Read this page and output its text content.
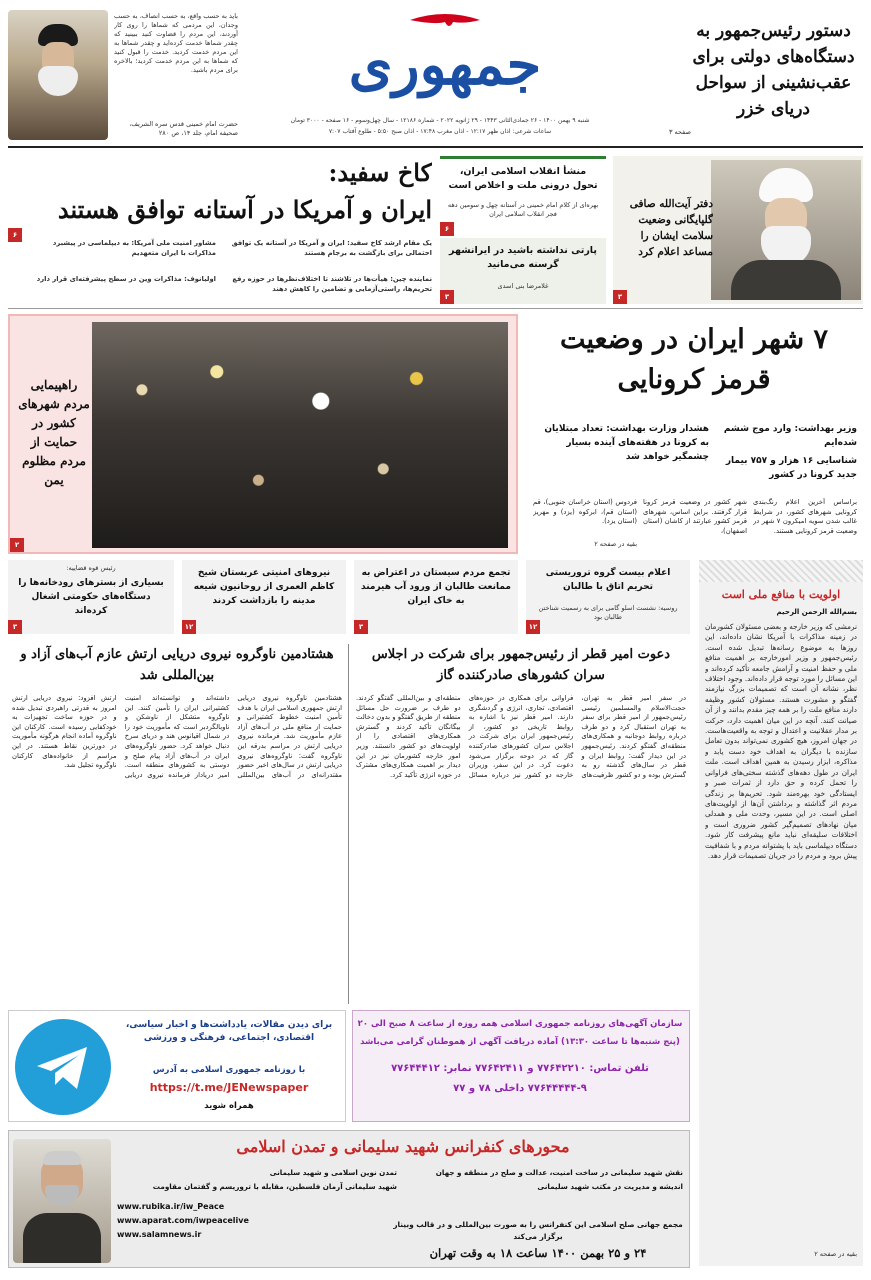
دستور رئیس‌جمهور به دستگاه‌های دولتی برای عقب‌نشینی از سواحل دریای خزر
صفحه ۳
جمهوری
شنبه ۹ بهمن ۱۴۰۰ - ۲۶ جمادی‌الثانی ۱۴۴۳ - ۲۹ ژانویه ۲۰۲۲ - شماره ۱۲۱۸۶ - سال چهل‌وسوم - ۱۶ صفحه - ۳۰۰۰ تومان
ساعات شرعی: اذان ظهر ۱۲:۱۷ - اذان مغرب ۱۷:۴۸ - اذان صبح ۵:۵۰ - طلوع آفتاب ۷:۰۷
باید به حسب واقع، به حسب انصاف، به حسب وجدان، این مردمی که شماها را روی کار آوردند، این مردم را قضاوت کنید ببینید که چقدر شماها خدمت کرده‌اید و چقدر شماها به این مردم خدمت کردید. خدمت را قبول کنید که شماها به این مردم خدمت کردید؛ بالاخره برای مردم باشید.
حضرت امام خمینی قدس سره الشریف، صحیفه امام، جلد ۱۴، ص ۲۸۰
دفتر آیت‌الله صافی گلپایگانی وضعیت سلامت ایشان را مساعد اعلام کرد
۳
منشأ انقلاب اسلامی ایران، تحول درونی ملت و اخلاص است
بهره‌ای از کلام امام خمینی در آستانه چهل و سومین دهه فجر انقلاب اسلامی ایران
۶
پارتی نداشته باشید در ایرانشهر گرسنه می‌مانید
غلامرضا بنی اسدی
۳
کاخ سفید:
ایران و آمریکا در آستانه توافق هستند
۶
یک مقام ارشد کاخ سفید: ایران و آمریکا در آستانه یک توافق احتمالی برای بازگشت به برجام هستند
مشاور امنیت ملی آمریکا: به دیپلماسی در پیشبرد مذاکرات با ایران متعهدیم
نماینده چین: هیأت‌ها در تلاشند تا اختلاف‌نظرها در حوزه رفع تحریم‌ها، راستی‌آزمایی و تضامین را کاهش دهند
اولیانوف: مذاکرات وین در سطح پیشرفته‌ای قرار دارد
راهپیمایی مردم شهرهای کشور در حمایت از مردم مظلوم یمن
۲
۷ شهر ایران در وضعیت قرمز کرونایی
وزیر بهداشت: وارد موج ششم شده‌ایم
هشدار وزارت بهداشت: تعداد مبتلایان به کرونا در هفته‌های آینده بسیار چشمگیر خواهد شد	شناسایی ۱۶ هزار و ۷۵۷ بیمار جدید کرونا در کشور
براساس آخرین اعلام رنگ‌بندی کرونایی شهرهای کشور، در شرایط غالب شدن سویه امیکرون ۷ شهر در وضعیت قرمز کرونایی هستند.
شهر کشور در وضعیت قرمز کرونا قرار گرفتند. براین اساس، شهرهای قرمز کشور عبارتند از کاشان (استان اصفهان)،
فردوس (استان خراسان جنوبی)، قم (استان قم)، ابرکوه (یزد) و مهریز (استان یزد).
بقیه در صفحه ۲
اعلام بیست گروه تروریستی تحریم اتاق با طالبان
روسیه: نشست اسلو گامی برای به رسمیت شناختن طالبان بود
۱۲
تجمع مردم سیستان در اعتراض به ممانعت طالبان از ورود آب هیرمند به خاک ایران
۳
نیروهای امنیتی عربستان شیخ کاظم العمری از روحانیون شیعه مدینه را بازداشت کردند
۱۲
رئیس قوه قضاییه:
بسیاری از بسترهای رودخانه‌ها را دستگاه‌های حکومتی اشغال کرده‌اند
۳
اولویت با منافع ملی است
بسم‌الله الرحمن الرحیم
نرمشی که وزیر خارجه و بعضی مسئولان کشورمان در زمینه مذاکرات با آمریکا نشان داده‌اند، این روزها به موضوع رسانه‌ها تبدیل شده است. رئیس‌جمهور و وزیر امورخارجه بر اهمیت منافع ملی و حفظ امنیت و آرامش جامعه تأکید کرده‌اند و این مسائل را مورد توجه قرار داده‌اند. وجود اختلاف نظر، نشانه آن است که تصمیمات بزرگ نیازمند گفتگو و مشورت هستند. مسئولان کشور وظیفه دارند منافع ملت را بر همه چیز مقدم بدانند و از آن صیانت کنند. آنچه در این میان اهمیت دارد، حرکت بر مدار عقلانیت و اعتدال و توجه به واقعیت‌هاست. در جهان امروز، هیچ کشوری نمی‌تواند بدون تعامل سازنده با دیگران به اهداف خود دست یابد و مذاکره، ابزار رسیدن به همین اهداف است. ملت ایران در طول دهه‌های گذشته سختی‌های فراوانی را تحمل کرده و حق دارد از ثمرات صبر و ایستادگی خود بهره‌مند شود. تحریم‌ها بر زندگی مردم اثر گذاشته و برداشتن آن‌ها از اولویت‌های اصلی است. در این مسیر، وحدت ملی و همدلی میان نهادهای تصمیم‌گیر کشور ضروری است و اختلافات سلیقه‌ای نباید مانع پیشرفت کار شود. دستگاه دیپلماسی باید با پشتوانه مردم و با شفافیت پیش برود و مردم را در جریان تصمیمات قرار دهد.
بقیه در صفحه ۲
دعوت امیر قطر از رئیس‌جمهور برای شرکت در اجلاس سران کشورهای صادرکننده گاز
در سفر امیر قطر به تهران، حجت‌الاسلام والمسلمین رئیسی رئیس‌جمهور از امیر قطر برای سفر به تهران استقبال کرد و دو طرف درباره روابط دوجانبه و همکاری‌های منطقه‌ای گفتگو کردند. رئیس‌جمهور در این دیدار گفت: روابط ایران و قطر در سال‌های گذشته رو به گسترش بوده و دو کشور ظرفیت‌های فراوانی برای همکاری در حوزه‌های اقتصادی، تجاری، انرژی و گردشگری دارند. امیر قطر نیز با اشاره به روابط تاریخی دو کشور، از رئیس‌جمهور ایران برای شرکت در اجلاس سران کشورهای صادرکننده گاز که در دوحه برگزار می‌شود دعوت کرد. در این سفر، وزیران خارجه دو کشور نیز درباره مسائل منطقه‌ای و بین‌المللی گفتگو کردند. دو طرف بر ضرورت حل مسائل منطقه از طریق گفتگو و بدون دخالت بیگانگان تأکید کردند و گسترش همکاری‌های اقتصادی را از اولویت‌های دو کشور دانستند. وزیر امور خارجه کشورمان نیز در این دیدار بر اهمیت همکاری‌های مشترک در حوزه انرژی تأکید کرد.
هشتادمین ناوگروه نیروی دریایی ارتش عازم آب‌های آزاد و بین‌المللی شد
هشتادمین ناوگروه نیروی دریایی ارتش جمهوری اسلامی ایران با هدف تأمین امنیت خطوط کشتیرانی و حمایت از منافع ملی در آب‌های آزاد عازم مأموریت شد. فرمانده نیروی دریایی ارتش در مراسم بدرقه این ناوگروه گفت: ناوگروه‌های نیروی دریایی ارتش در سال‌های اخیر حضور مقتدرانه‌ای در آب‌های بین‌المللی داشته‌اند و توانسته‌اند امنیت کشتیرانی ایران را تأمین کنند. این ناوگروه متشکل از ناوشکن و ناوبالگردبر است که مأموریت خود را در شمال اقیانوس هند و دریای سرخ دنبال خواهد کرد. حضور ناوگروه‌های ایران در آب‌های آزاد پیام صلح و دوستی به کشورهای منطقه است. امیر دریادار فرمانده نیروی دریایی ارتش افزود: نیروی دریایی ارتش امروز به قدرتی راهبردی تبدیل شده و در حوزه ساخت تجهیزات به خودکفایی رسیده است. کارکنان این ناوگروه آماده انجام هرگونه مأموریت در دورترین نقاط هستند. در این مراسم از خانواده‌های کارکنان ناوگروه تجلیل شد.
سازمان آگهی‌های روزنامه جمهوری اسلامی همه روزه از ساعت ۸ صبح الی ۲۰
(پنج شنبه‌ها تا ساعت ۱۳:۳۰) آماده دریافت آگهی از هموطنان گرامی می‌باشد
تلفن تماس: ۷۷۶۴۲۲۱۰ و ۷۷۶۴۲۴۱۱ نمابر: ۷۷۶۴۴۴۱۲
۷۷۶۴۴۴۴۴-۹ داخلی ۷۸ و ۷۷
برای دیدن مقالات، یادداشت‌ها و اخبار سیاسی، اقتصادی، اجتماعی، فرهنگی و ورزشی
با روزنامه جمهوری اسلامی به آدرس
https://t.me/JENewspaper
همراه شوید
محورهای کنفرانس شهید سلیمانی و تمدن اسلامی
نقش شهید سلیمانی در ساخت امنیت، عدالت و صلح در منطقه و جهان
تمدن نوین اسلامی و شهید سلیمانی
اندیشه و مدیریت در مکتب شهید سلیمانی
شهید سلیمانی آرمان فلسطین، مقابله با تروریسم و گفتمان مقاومت
www.rubika.ir/iw_Peace
www.aparat.com/iwpeacelive
www.salamnews.ir
مجمع جهانی صلح اسلامی این کنفرانس را به صورت بین‌المللی و در قالب وبینار برگزار می‌کند
۲۴ و ۲۵ بهمن ۱۴۰۰ ساعت ۱۸ به وقت تهران
